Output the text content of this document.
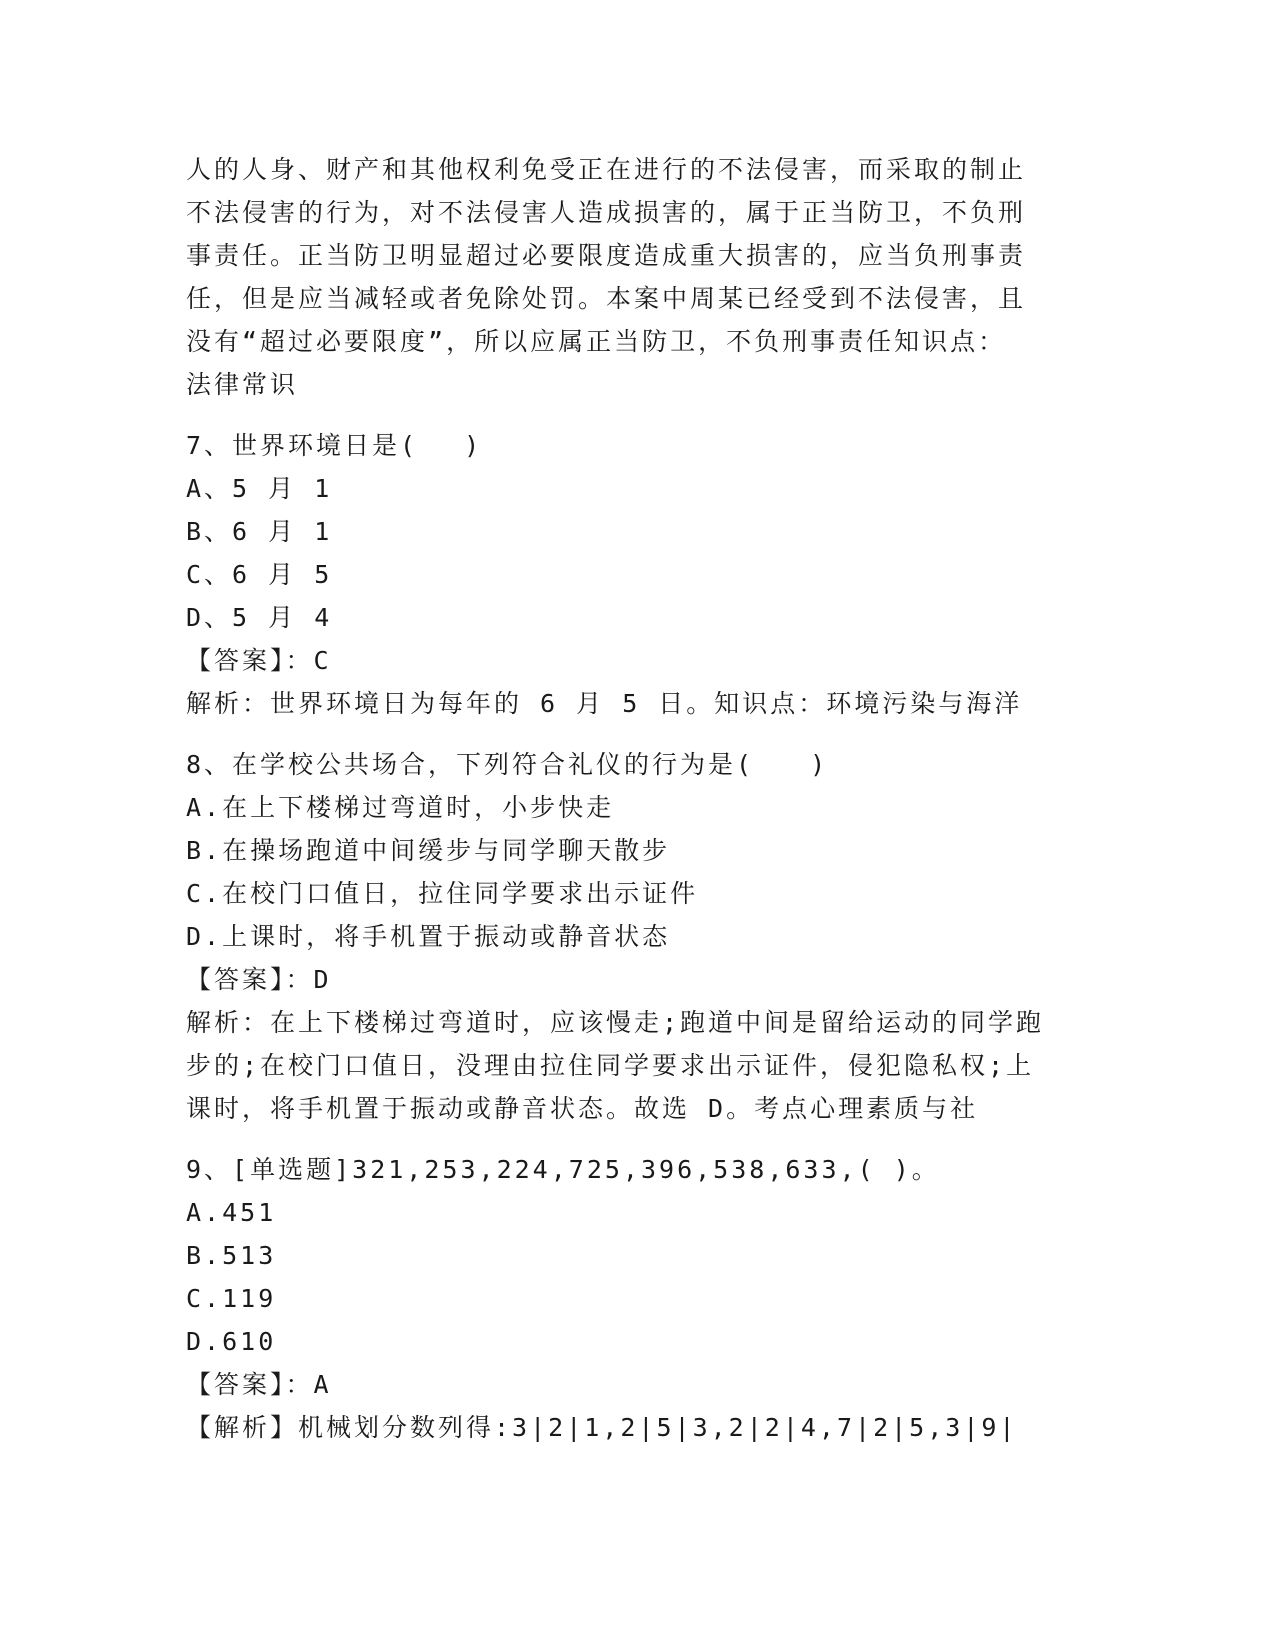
人的人身、财产和其他权利免受正在进行的不法侵害，而采取的制止
不法侵害的行为，对不法侵害人造成损害的，属于正当防卫，不负刑
事责任。正当防卫明显超过必要限度造成重大损害的，应当负刑事责
任，但是应当减轻或者免除处罚。本案中周某已经受到不法侵害，且
没有“超过必要限度”，所以应属正当防卫，不负刑事责任知识点：
法律常识
7、世界环境日是(　 )
A、5 月 1
B、6 月 1
C、6 月 5
D、5 月 4
【答案】：C
解析：世界环境日为每年的 6 月 5 日。知识点：环境污染与海洋
8、在学校公共场合，下列符合礼仪的行为是(　　)
A.在上下楼梯过弯道时，小步快走
B.在操场跑道中间缓步与同学聊天散步
C.在校门口值日，拉住同学要求出示证件
D.上课时，将手机置于振动或静音状态
【答案】：D
解析：在上下楼梯过弯道时，应该慢走;跑道中间是留给运动的同学跑
步的;在校门口值日，没理由拉住同学要求出示证件，侵犯隐私权;上
课时，将手机置于振动或静音状态。故选 D。考点心理素质与社
9、[单选题]321,253,224,725,396,538,633,( )。
A.451
B.513
C.119
D.610
【答案】：A
【解析】机械划分数列得:3|2|1,2|5|3,2|2|4,7|2|5,3|9|
